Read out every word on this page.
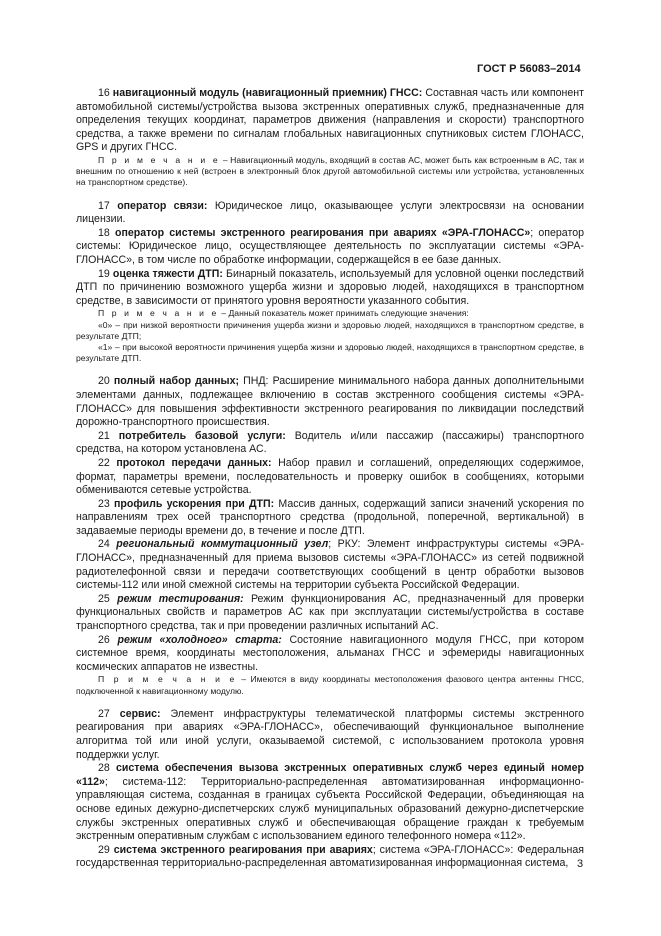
ГОСТ Р 56083–2014

16 навигационный модуль (навигационный приемник) ГНСС: Составная часть или компонент автомобильной системы/устройства вызова экстренных оперативных служб, предназначенные для определения текущих координат, параметров движения (направления и скорости) транспортного средства, а также времени по сигналам глобальных навигационных спутниковых систем ГЛОНАСС, GPS и других ГНСС.

П р и м е ч а н и е – Навигационный модуль, входящий в состав АС, может быть как встроенным в АС, так и внешним по отношению к ней (встроен в электронный блок другой автомобильной системы или устройства, установленных на транспортном средстве).

17 оператор связи: Юридическое лицо, оказывающее услуги электросвязи на основании лицензии.

18 оператор системы экстренного реагирования при авариях «ЭРА-ГЛОНАСС»; оператор системы: Юридическое лицо, осуществляющее деятельность по эксплуатации системы «ЭРА-ГЛОНАСС», в том числе по обработке информации, содержащейся в ее базе данных.

19 оценка тяжести ДТП: Бинарный показатель, используемый для условной оценки последствий ДТП по причинению возможного ущерба жизни и здоровью людей, находящихся в транспортном средстве, в зависимости от принятого уровня вероятности указанного события.

П р и м е ч а н и е – Данный показатель может принимать следующие значения:

«0» – при низкой вероятности причинения ущерба жизни и здоровью людей, находящихся в транспортном средстве, в результате ДТП;

«1» – при высокой вероятности причинения ущерба жизни и здоровью людей, находящихся в транспортном средстве, в результате ДТП.

20 полный набор данных; ПНД: Расширение минимального набора данных дополнительными элементами данных, подлежащее включению в состав экстренного сообщения системы «ЭРА-ГЛОНАСС» для повышения эффективности экстренного реагирования по ликвидации последствий дорожно-транспортного происшествия.

21 потребитель базовой услуги: Водитель и/или пассажир (пассажиры) транспортного средства, на котором установлена АС.

22 протокол передачи данных: Набор правил и соглашений, определяющих содержимое, формат, параметры времени, последовательность и проверку ошибок в сообщениях, которыми обмениваются сетевые устройства.

23 профиль ускорения при ДТП: Массив данных, содержащий записи значений ускорения по направлениям трех осей транспортного средства (продольной, поперечной, вертикальной) в задаваемые периоды времени до, в течение и после ДТП.

24 региональный коммутационный узел; РКУ: Элемент инфраструктуры системы «ЭРА-ГЛОНАСС», предназначенный для приема вызовов системы «ЭРА-ГЛОНАСС» из сетей подвижной радиотелефонной связи и передачи соответствующих сообщений в центр обработки вызовов системы-112 или иной смежной системы на территории субъекта Российской Федерации.

25 режим тестирования: Режим функционирования АС, предназначенный для проверки функциональных свойств и параметров АС как при эксплуатации системы/устройства в составе транспортного средства, так и при проведении различных испытаний АС.

26 режим «холодного» старта: Состояние навигационного модуля ГНСС, при котором системное время, координаты местоположения, альманах ГНСС и эфемериды навигационных космических аппаратов не известны.

П р и м е ч а н и е – Имеются в виду координаты местоположения фазового центра антенны ГНСС, подключенной к навигационному модулю.

27 сервис: Элемент инфраструктуры телематической платформы системы экстренного реагирования при авариях «ЭРА-ГЛОНАСС», обеспечивающий функциональное выполнение алгоритма той или иной услуги, оказываемой системой, с использованием протокола уровня поддержки услуг.

28 система обеспечения вызова экстренных оперативных служб через единый номер «112»; система-112: Территориально-распределенная автоматизированная информационно-управляющая система, созданная в границах субъекта Российской Федерации, объединяющая на основе единых дежурно-диспетчерских служб муниципальных образований дежурно-диспетчерские службы экстренных оперативных служб и обеспечивающая обращение граждан к требуемым экстренным оперативным службам с использованием единого телефонного номера «112».

29 система экстренного реагирования при авариях; система «ЭРА-ГЛОНАСС»: Федеральная государственная территориально-распределенная автоматизированная информационная система, 3
